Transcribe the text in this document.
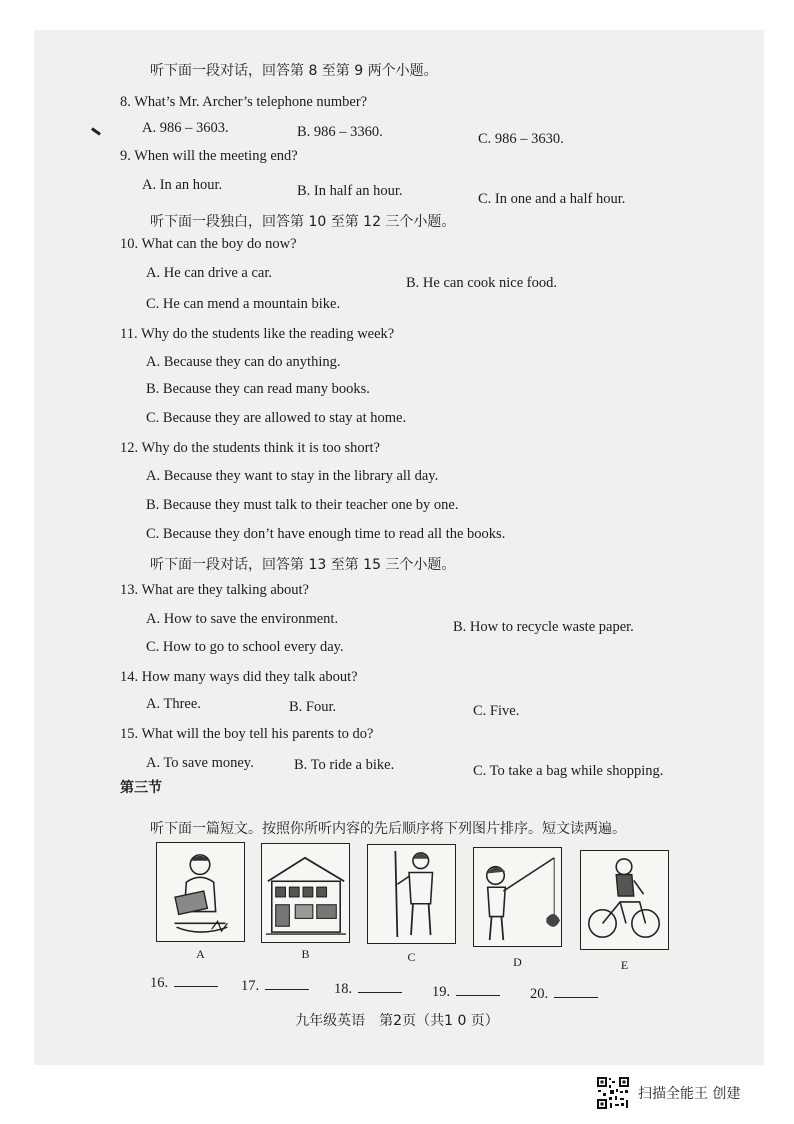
听下面一段对话，回答第 8 至第 9 两个小题。
8. What’s Mr. Archer’s telephone number?
A. 986 – 3603.	B. 986 – 3360.	C. 986 – 3630.
9. When will the meeting end?
A. In an hour.	B. In half an hour.	C. In one and a half hour.
听下面一段独白，回答第 10 至第 12 三个小题。
10. What can the boy do now?
A. He can drive a car.
B. He can cook nice food.
C. He can mend a mountain bike.
11. Why do the students like the reading week?
A. Because they can do anything.
B. Because they can read many books.
C. Because they are allowed to stay at home.
12. Why do the students think it is too short?
A. Because they want to stay in the library all day.
B. Because they must talk to their teacher one by one.
C. Because they don’t have enough time to read all the books.
听下面一段对话，回答第 13 至第 15 三个小题。
13. What are they talking about?
A. How to save the environment.	B. How to recycle waste paper.
C. How to go to school every day.
14. How many ways did they talk about?
A. Three.	B. Four.	C. Five.
15. What will the boy tell his parents to do?
A. To save money.	B. To ride a bike.	C. To take a bag while shopping.
第三节
听下面一篇短文。按照你所听内容的先后顺序将下列图片排序。短文读两遍。
A	B	C	D	E
16.	17.	18.	19.	20.
九年级英语　第2页（共1 0 页）
扫描全能王 创建
